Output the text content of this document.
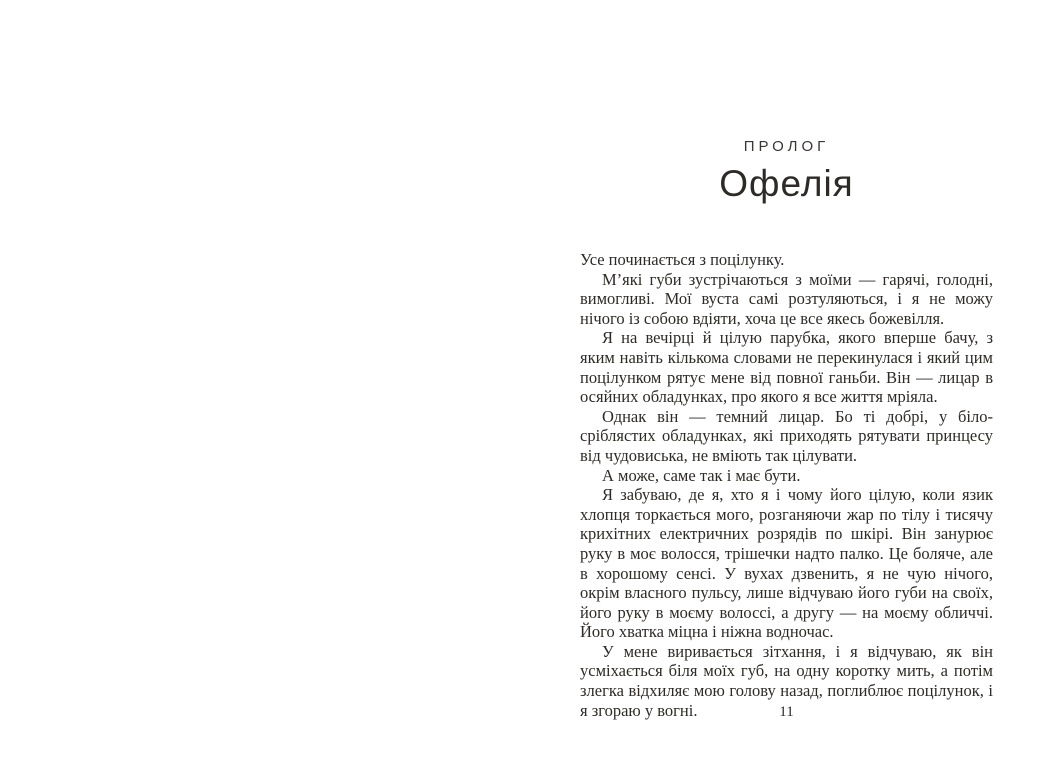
ПРОЛОГ
Офелія

Усе починається з поцілунку.

М’які губи зустрічаються з моїми — гарячі, голодні, вимогливі. Мої вуста самі розтуляються, і я не можу нічого із собою вдіяти, хоча це все якесь божевілля.

Я на вечірці й цілую парубка, якого вперше бачу, з яким навіть кількома словами не перекинулася і який цим поцілунком рятує мене від повної ганьби. Він — лицар в осяйних обладунках, про якого я все життя мріяла.

Однак він — темний лицар. Бо ті добрі, у біло-сріблястих обладунках, які приходять рятувати принцесу від чудовиська, не вміють так цілувати.

А може, саме так і має бути.

Я забуваю, де я, хто я і чому його цілую, коли язик хлопця торкається мого, розганяючи жар по тілу і тисячу крихітних електричних розрядів по шкірі. Він занурює руку в моє волосся, трішечки надто палко. Це боляче, але в хорошому сенсі. У вухах дзвенить, я не чую нічого, окрім власного пульсу, лише відчуваю його губи на своїх, його руку в моєму волоссі, а другу — на моєму обличчі. Його хватка міцна і ніжна водночас.

У мене виривається зітхання, і я відчуваю, як він усміхається біля моїх губ, на одну коротку мить, а потім злегка відхиляє мою голову назад, поглиблює поцілунок, і я згораю у вогні.	11
